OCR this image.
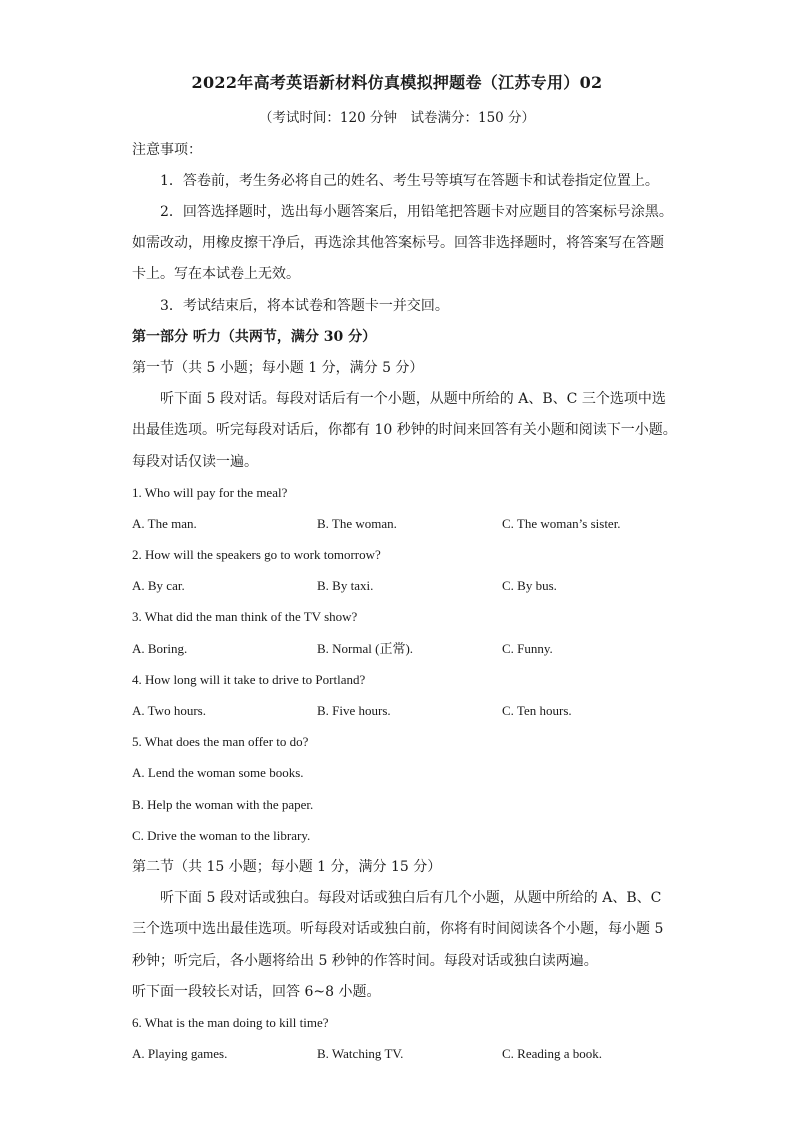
2022年高考英语新材料仿真模拟押题卷（江苏专用）02
（考试时间：120 分钟　试卷满分：150 分）
注意事项：
1．答卷前，考生务必将自己的姓名、考生号等填写在答题卡和试卷指定位置上。
2．回答选择题时，选出每小题答案后，用铅笔把答题卡对应题目的答案标号涂黑。
如需改动，用橡皮擦干净后，再选涂其他答案标号。回答非选择题时，将答案写在答题
卡上。写在本试卷上无效。
3．考试结束后，将本试卷和答题卡一并交回。
第一部分 听力（共两节，满分 30 分）
第一节（共 5 小题；每小题 1 分，满分 5 分）
听下面 5 段对话。每段对话后有一个小题，从题中所给的 A、B、C 三个选项中选
出最佳选项。听完每段对话后，你都有 10 秒钟的时间来回答有关小题和阅读下一小题。
每段对话仅读一遍。
1. Who will pay for the meal?
A. The man.	B. The woman.	C. The woman’s sister.
2. How will the speakers go to work tomorrow?
A. By car.	B. By taxi.	C. By bus.
3. What did the man think of the TV show?
A. Boring.	B. Normal (正常).	C. Funny.
4. How long will it take to drive to Portland?
A. Two hours.	B. Five hours.	C. Ten hours.
5. What does the man offer to do?
A. Lend the woman some books.
B. Help the woman with the paper.
C. Drive the woman to the library.
第二节（共 15 小题；每小题 1 分，满分 15 分）
听下面 5 段对话或独白。每段对话或独白后有几个小题，从题中所给的 A、B、C
三个选项中选出最佳选项。听每段对话或独白前，你将有时间阅读各个小题，每小题 5
秒钟；听完后，各小题将给出 5 秒钟的作答时间。每段对话或独白读两遍。
听下面一段较长对话，回答 6~8 小题。
6. What is the man doing to kill time?
A. Playing games.	B. Watching TV.	C. Reading a book.
